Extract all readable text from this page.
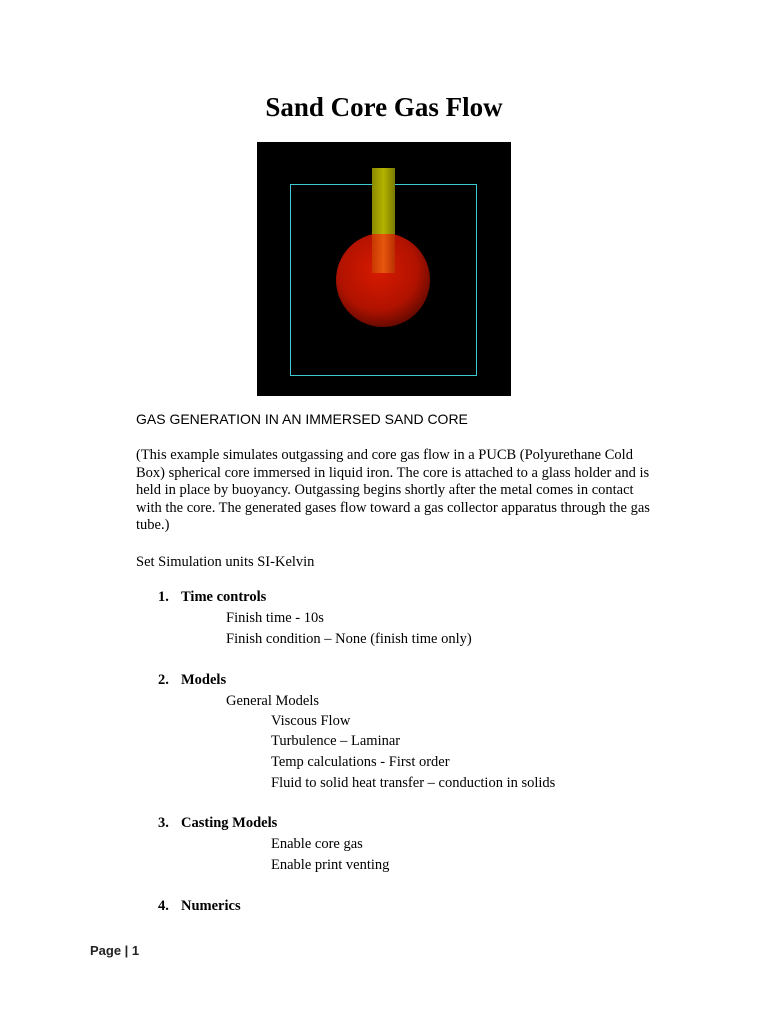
Sand Core Gas Flow
GAS GENERATION IN AN IMMERSED SAND CORE
(This example simulates outgassing and core gas flow in a PUCB (Polyurethane Cold
Box) spherical core immersed in liquid iron. The core is attached to a glass holder and is
held in place by buoyancy. Outgassing begins shortly after the metal comes in contact
with the core. The generated gases flow toward a gas collector apparatus through the gas
tube.)
Set Simulation units SI-Kelvin
1. Time controls
Finish time - 10s
Finish condition – None (finish time only)
2. Models
General Models
Viscous Flow
Turbulence – Laminar
Temp calculations - First order
Fluid to solid heat transfer – conduction in solids
3. Casting Models
Enable core gas
Enable print venting
4. Numerics
Page | 1
